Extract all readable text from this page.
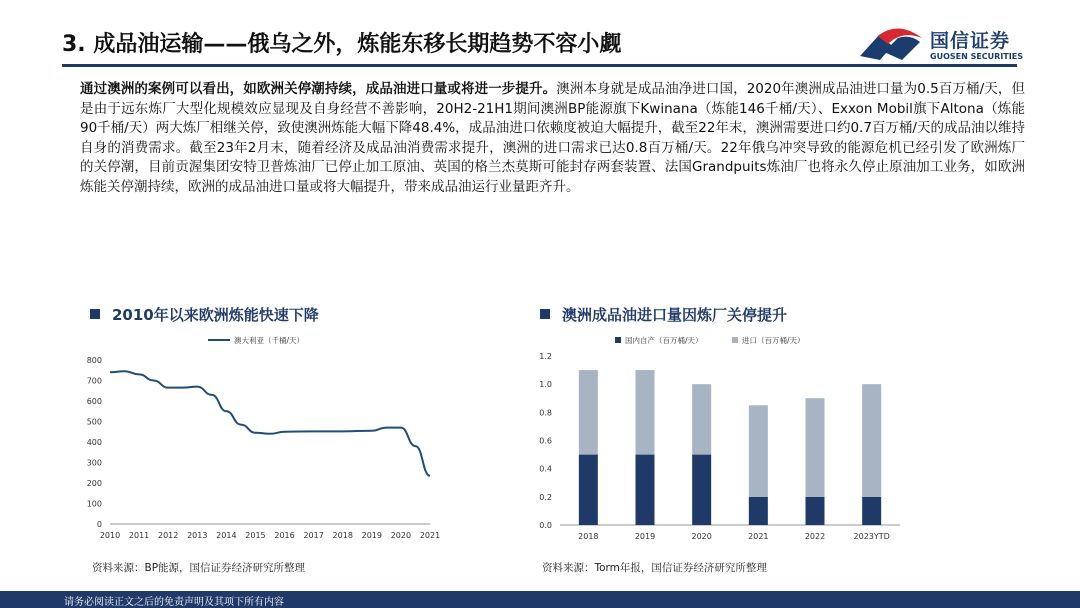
3. 成品油运输——俄乌之外，炼能东移长期趋势不容小觑	国信证券
GUOSEN SECURITIES
通过澳洲的案例可以看出，如欧洲关停潮持续，成品油进口量或将进一步提升。澳洲本身就是成品油净进口国，2020年澳洲成品油进口量为0.5百万桶/天，但是由于远东炼厂大型化规模效应显现及自身经营不善影响，20H2-21H1期间澳洲BP能源旗下Kwinana（炼能146千桶/天）、Exxon Mobil旗下Altona（炼能90千桶/天）两大炼厂相继关停，致使澳洲炼能大幅下降48.4%，成品油进口依赖度被迫大幅提升，截至22年末，澳洲需要进口约0.7百万桶/天的成品油以维持自身的消费需求。截至23年2月末，随着经济及成品油消费需求提升，澳洲的进口需求已达0.8百万桶/天。22年俄乌冲突导致的能源危机已经引发了欧洲炼厂的关停潮，目前贡渥集团安特卫普炼油厂已停止加工原油、英国的格兰杰莫斯可能封存两套装置、法国Grandpuits炼油厂也将永久停止原油加工业务，如欧洲炼能关停潮持续，欧洲的成品油进口量或将大幅提升，带来成品油运行业量距齐升。
2010年以来欧洲炼能快速下降
0
100
200
300
400
500
600
700
800
2010 2011 2012 2013 2014 2015 2016 2017 2018 2019 2020 2021
澳大利亚（千桶/天）
资料来源：BP能源，国信证券经济研究所整理
澳洲成品油进口量因炼厂关停提升
0.0
0.2
0.4
0.6
0.8
1.0
1.2
2018	2019	2020	2021	2022	2023YTD
国内自产（百万桶/天）	进口（百万桶/天）
资料来源：Torm年报，国信证券经济研究所整理
请务必阅读正文之后的免责声明及其项下所有内容
